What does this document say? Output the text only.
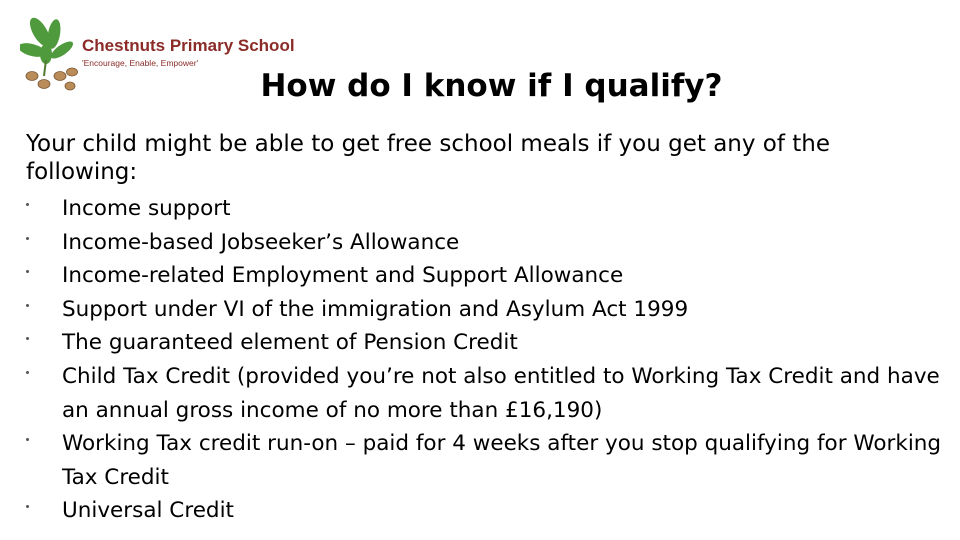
Chestnuts Primary School
'Encourage, Enable, Empower'
How do I know if I qualify?

Your child might be able to get free school meals if you get any of the following:

Income support
Income-based Jobseeker’s Allowance
Income-related Employment and Support Allowance
Support under VI of the immigration and Asylum Act 1999
The guaranteed element of Pension Credit
Child Tax Credit (provided you’re not also entitled to Working Tax Credit and have an annual gross income of no more than £16,190)
Working Tax credit run-on – paid for 4 weeks after you stop qualifying for Working Tax Credit
Universal Credit
